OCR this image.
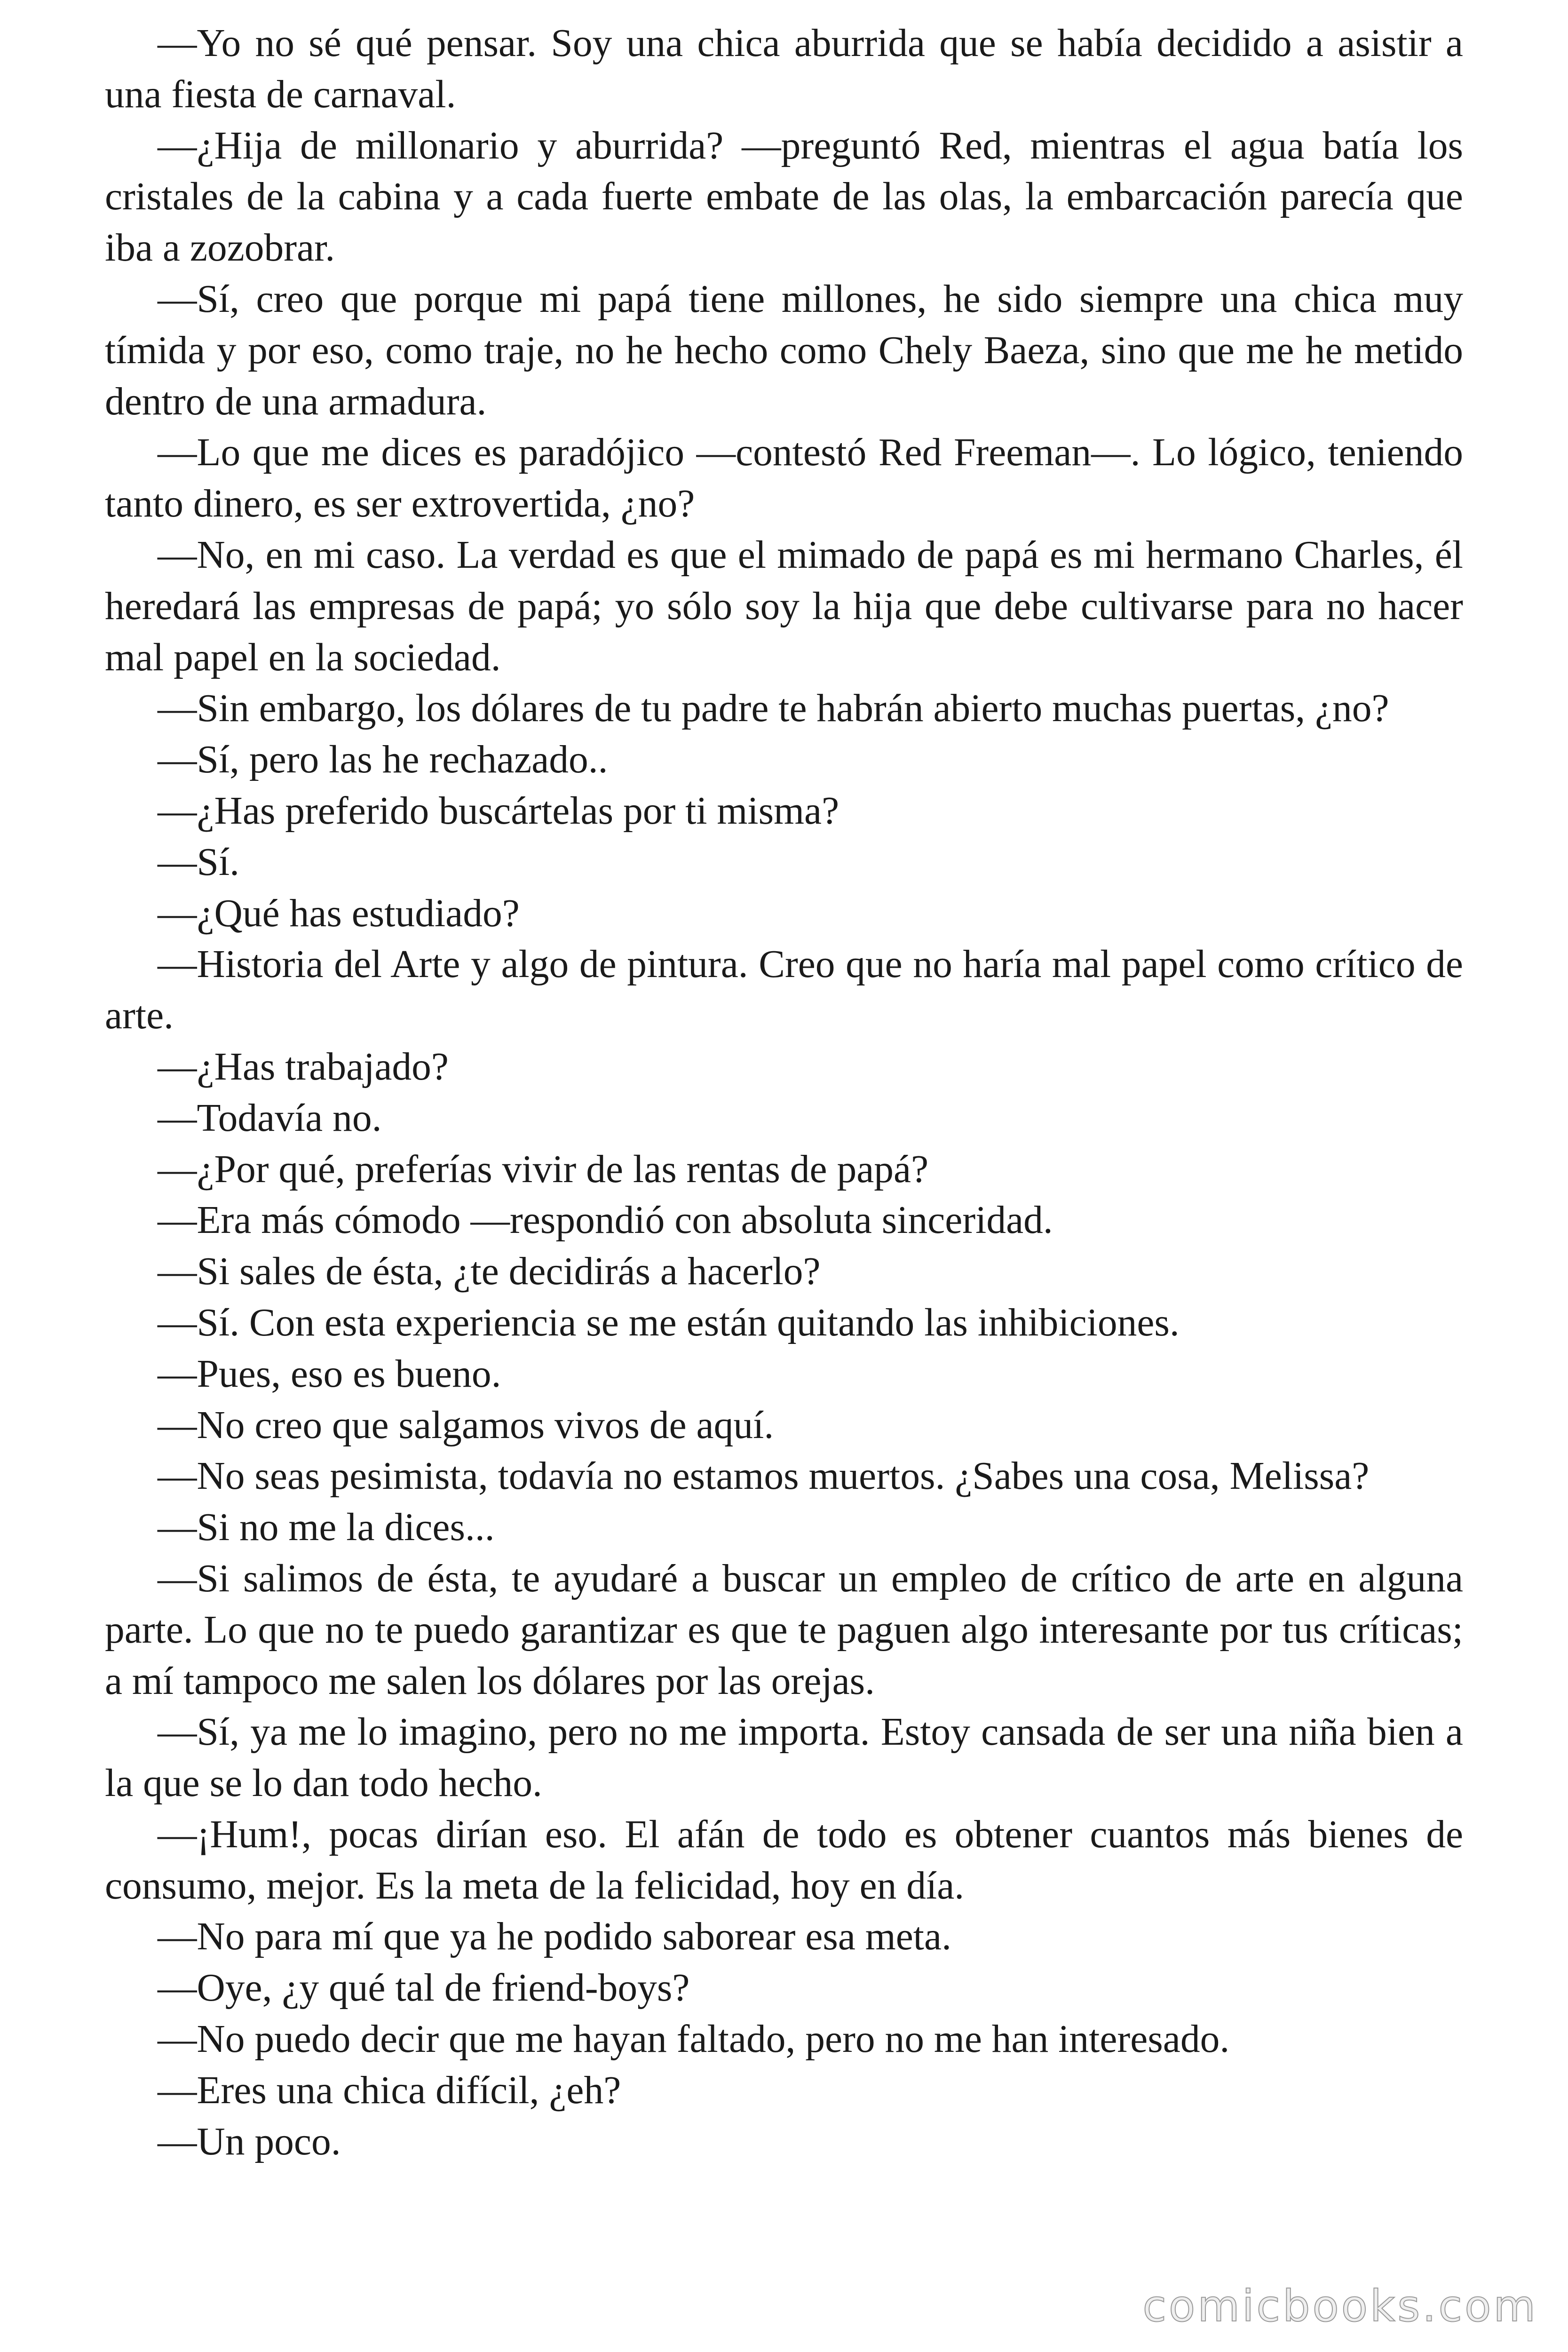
—Yo no sé qué pensar. Soy una chica aburrida que se había decidido a asistir a una fiesta de carnaval.

—¿Hija de millonario y aburrida? —preguntó Red, mientras el agua batía los cristales de la cabina y a cada fuerte embate de las olas, la embarcación parecía que iba a zozobrar.

—Sí, creo que porque mi papá tiene millones, he sido siempre una chica muy tímida y por eso, como traje, no he hecho como Chely Baeza, sino que me he metido dentro de una armadura.

—Lo que me dices es paradójico —contestó Red Freeman—. Lo lógico, teniendo tanto dinero, es ser extrovertida, ¿no?

—No, en mi caso. La verdad es que el mimado de papá es mi hermano Charles, él heredará las empresas de papá; yo sólo soy la hija que debe cultivarse para no hacer mal papel en la sociedad.

—Sin embargo, los dólares de tu padre te habrán abierto muchas puertas, ¿no?

—Sí, pero las he rechazado..

—¿Has preferido buscártelas por ti misma?

—Sí.

—¿Qué has estudiado?

—Historia del Arte y algo de pintura. Creo que no haría mal papel como crítico de arte.

—¿Has trabajado?

—Todavía no.

—¿Por qué, preferías vivir de las rentas de papá?

—Era más cómodo —respondió con absoluta sinceridad.

—Si sales de ésta, ¿te decidirás a hacerlo?

—Sí. Con esta experiencia se me están quitando las inhibiciones.

—Pues, eso es bueno.

—No creo que salgamos vivos de aquí.

—No seas pesimista, todavía no estamos muertos. ¿Sabes una cosa, Melissa?

—Si no me la dices...

—Si salimos de ésta, te ayudaré a buscar un empleo de crítico de arte en alguna parte. Lo que no te puedo garantizar es que te paguen algo interesante por tus críticas; a mí tampoco me salen los dólares por las orejas.

—Sí, ya me lo imagino, pero no me importa. Estoy cansada de ser una niña bien a la que se lo dan todo hecho.

—¡Hum!, pocas dirían eso. El afán de todo es obtener cuantos más bienes de consumo, mejor. Es la meta de la felicidad, hoy en día.

—No para mí que ya he podido saborear esa meta.

—Oye, ¿y qué tal de friend-boys?

—No puedo decir que me hayan faltado, pero no me han interesado.

—Eres una chica difícil, ¿eh?

—Un poco.

comicbooks.com
